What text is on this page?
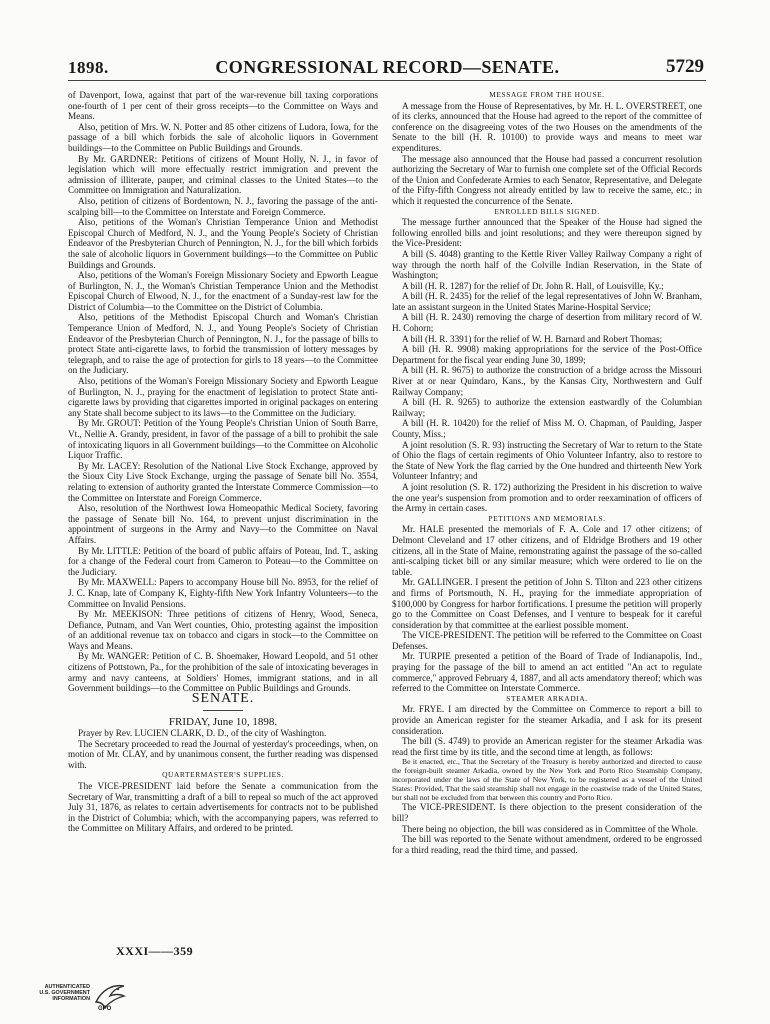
1898.	CONGRESSIONAL RECORD—SENATE.	5729

of Davenport, Iowa, against that part of the war-revenue bill taxing corporations one-fourth of 1 per cent of their gross receipts—to the Committee on Ways and Means.

Also, petition of Mrs. W. N. Potter and 85 other citizens of Ludora, Iowa, for the passage of a bill which forbids the sale of alcoholic liquors in Government buildings—to the Committee on Public Buildings and Grounds.

By Mr. GARDNER: Petitions of citizens of Mount Holly, N. J., in favor of legislation which will more effectually restrict immigration and prevent the admission of illiterate, pauper, and criminal classes to the United States—to the Committee on Immigration and Naturalization.

Also, petition of citizens of Bordentown, N. J., favoring the passage of the anti-scalping bill—to the Committee on Interstate and Foreign Commerce.

Also, petitions of the Woman's Christian Temperance Union and Methodist Episcopal Church of Medford, N. J., and the Young People's Society of Christian Endeavor of the Presbyterian Church of Pennington, N. J., for the bill which forbids the sale of alcoholic liquors in Government buildings—to the Committee on Public Buildings and Grounds.

Also, petitions of the Woman's Foreign Missionary Society and Epworth League of Burlington, N. J., the Woman's Christian Temperance Union and the Methodist Episcopal Church of Elwood, N. J., for the enactment of a Sunday-rest law for the District of Columbia—to the Committee on the District of Columbia.

Also, petitions of the Methodist Episcopal Church and Woman's Christian Temperance Union of Medford, N. J., and Young People's Society of Christian Endeavor of the Presbyterian Church of Pennington, N. J., for the passage of bills to protect State anti-cigarette laws, to forbid the transmission of lottery messages by telegraph, and to raise the age of protection for girls to 18 years—to the Committee on the Judiciary.

Also, petitions of the Woman's Foreign Missionary Society and Epworth League of Burlington, N. J., praying for the enactment of legislation to protect State anti-cigarette laws by providing that cigarettes imported in original packages on entering any State shall become subject to its laws—to the Committee on the Judiciary.

By Mr. GROUT: Petition of the Young People's Christian Union of South Barre, Vt., Nellie A. Grandy, president, in favor of the passage of a bill to prohibit the sale of intoxicating liquors in all Government buildings—to the Committee on Alcoholic Liquor Traffic.

By Mr. LACEY: Resolution of the National Live Stock Exchange, approved by the Sioux City Live Stock Exchange, urging the passage of Senate bill No. 3554, relating to extension of authority granted the Interstate Commerce Commission—to the Committee on Interstate and Foreign Commerce.

Also, resolution of the Northwest Iowa Homeopathic Medical Society, favoring the passage of Senate bill No. 164, to prevent unjust discrimination in the appointment of surgeons in the Army and Navy—to the Committee on Naval Affairs.

By Mr. LITTLE: Petition of the board of public affairs of Poteau, Ind. T., asking for a change of the Federal court from Cameron to Poteau—to the Committee on the Judiciary.

By Mr. MAXWELL: Papers to accompany House bill No. 8953, for the relief of J. C. Knap, late of Company K, Eighty-fifth New York Infantry Volunteers—to the Committee on Invalid Pensions.

By Mr. MEEKISON: Three petitions of citizens of Henry, Wood, Seneca, Defiance, Putnam, and Van Wert counties, Ohio, protesting against the imposition of an additional revenue tax on tobacco and cigars in stock—to the Committee on Ways and Means.

By Mr. WANGER: Petition of C. B. Shoemaker, Howard Leopold, and 51 other citizens of Pottstown, Pa., for the prohibition of the sale of intoxicating beverages in army and navy canteens, at Soldiers' Homes, immigrant stations, and in all Government buildings—to the Committee on Public Buildings and Grounds.

SENATE.

FRIDAY, June 10, 1898.

Prayer by Rev. LUCIEN CLARK, D. D., of the city of Washington.

The Secretary proceeded to read the Journal of yesterday's proceedings, when, on motion of Mr. CLAY, and by unanimous consent, the further reading was dispensed with.

QUARTERMASTER'S SUPPLIES.

The VICE-PRESIDENT laid before the Senate a communication from the Secretary of War, transmitting a draft of a bill to repeal so much of the act approved July 31, 1876, as relates to certain advertisements for contracts not to be published in the District of Columbia; which, with the accompanying papers, was referred to the Committee on Military Affairs, and ordered to be printed.

MESSAGE FROM THE HOUSE.

A message from the House of Representatives, by Mr. H. L. OVERSTREET, one of its clerks, announced that the House had agreed to the report of the committee of conference on the disagreeing votes of the two Houses on the amendments of the Senate to the bill (H. R. 10100) to provide ways and means to meet war expenditures.

The message also announced that the House had passed a concurrent resolution authorizing the Secretary of War to furnish one complete set of the Official Records of the Union and Confederate Armies to each Senator, Representative, and Delegate of the Fifty-fifth Congress not already entitled by law to receive the same, etc.; in which it requested the concurrence of the Senate.

ENROLLED BILLS SIGNED.

The message further announced that the Speaker of the House had signed the following enrolled bills and joint resolutions; and they were thereupon signed by the Vice-President:

A bill (S. 4048) granting to the Kettle River Valley Railway Company a right of way through the north half of the Colville Indian Reservation, in the State of Washington;

A bill (H. R. 1287) for the relief of Dr. John R. Hall, of Louisville, Ky.;

A bill (H. R. 2435) for the relief of the legal representatives of John W. Branham, late an assistant surgeon in the United States Marine-Hospital Service;

A bill (H. R. 2430) removing the charge of desertion from military record of W. H. Cohorn;

A bill (H. R. 3391) for the relief of W. H. Barnard and Robert Thomas;

A bill (H. R. 9908) making appropriations for the service of the Post-Office Department for the fiscal year ending June 30, 1899;

A bill (H. R. 9675) to authorize the construction of a bridge across the Missouri River at or near Quindaro, Kans., by the Kansas City, Northwestern and Gulf Railway Company;

A bill (H. R. 9265) to authorize the extension eastwardly of the Columbian Railway;

A bill (H. R. 10420) for the relief of Miss M. O. Chapman, of Paulding, Jasper County, Miss.;

A joint resolution (S. R. 93) instructing the Secretary of War to return to the State of Ohio the flags of certain regiments of Ohio Volunteer Infantry, also to restore to the State of New York the flag carried by the One hundred and thirteenth New York Volunteer Infantry; and

A joint resolution (S. R. 172) authorizing the President in his discretion to waive the one year's suspension from promotion and to order reexamination of officers of the Army in certain cases.

PETITIONS AND MEMORIALS.

Mr. HALE presented the memorials of F. A. Cole and 17 other citizens; of Delmont Cleveland and 17 other citizens, and of Eldridge Brothers and 19 other citizens, all in the State of Maine, remonstrating against the passage of the so-called anti-scalping ticket bill or any similar measure; which were ordered to lie on the table.

Mr. GALLINGER. I present the petition of John S. Tilton and 223 other citizens and firms of Portsmouth, N. H., praying for the immediate appropriation of $100,000 by Congress for harbor fortifications. I presume the petition will properly go to the Committee on Coast Defenses, and I venture to bespeak for it careful consideration by that committee at the earliest possible moment.

The VICE-PRESIDENT. The petition will be referred to the Committee on Coast Defenses.

Mr. TURPIE presented a petition of the Board of Trade of Indianapolis, Ind., praying for the passage of the bill to amend an act entitled "An act to regulate commerce," approved February 4, 1887, and all acts amendatory thereof; which was referred to the Committee on Interstate Commerce.

STEAMER ARKADIA.

Mr. FRYE. I am directed by the Committee on Commerce to report a bill to provide an American register for the steamer Arkadia, and I ask for its present consideration.

The bill (S. 4749) to provide an American register for the steamer Arkadia was read the first time by its title, and the second time at length, as follows:

Be it enacted, etc., That the Secretary of the Treasury is hereby authorized and directed to cause the foreign-built steamer Arkadia, owned by the New York and Porto Rico Steamship Company, incorporated under the laws of the State of New York, to be registered as a vessel of the United States: Provided, That the said steamship shall not engage in the coastwise trade of the United States, but shall not be excluded from that between this country and Porto Rico.

The VICE-PRESIDENT. Is there objection to the present consideration of the bill?

There being no objection, the bill was considered as in Committee of the Whole.

The bill was reported to the Senate without amendment, ordered to be engrossed for a third reading, read the third time, and passed.

XXXI——359
AUTHENTICATED U.S. GOVERNMENT INFORMATION
GPO
